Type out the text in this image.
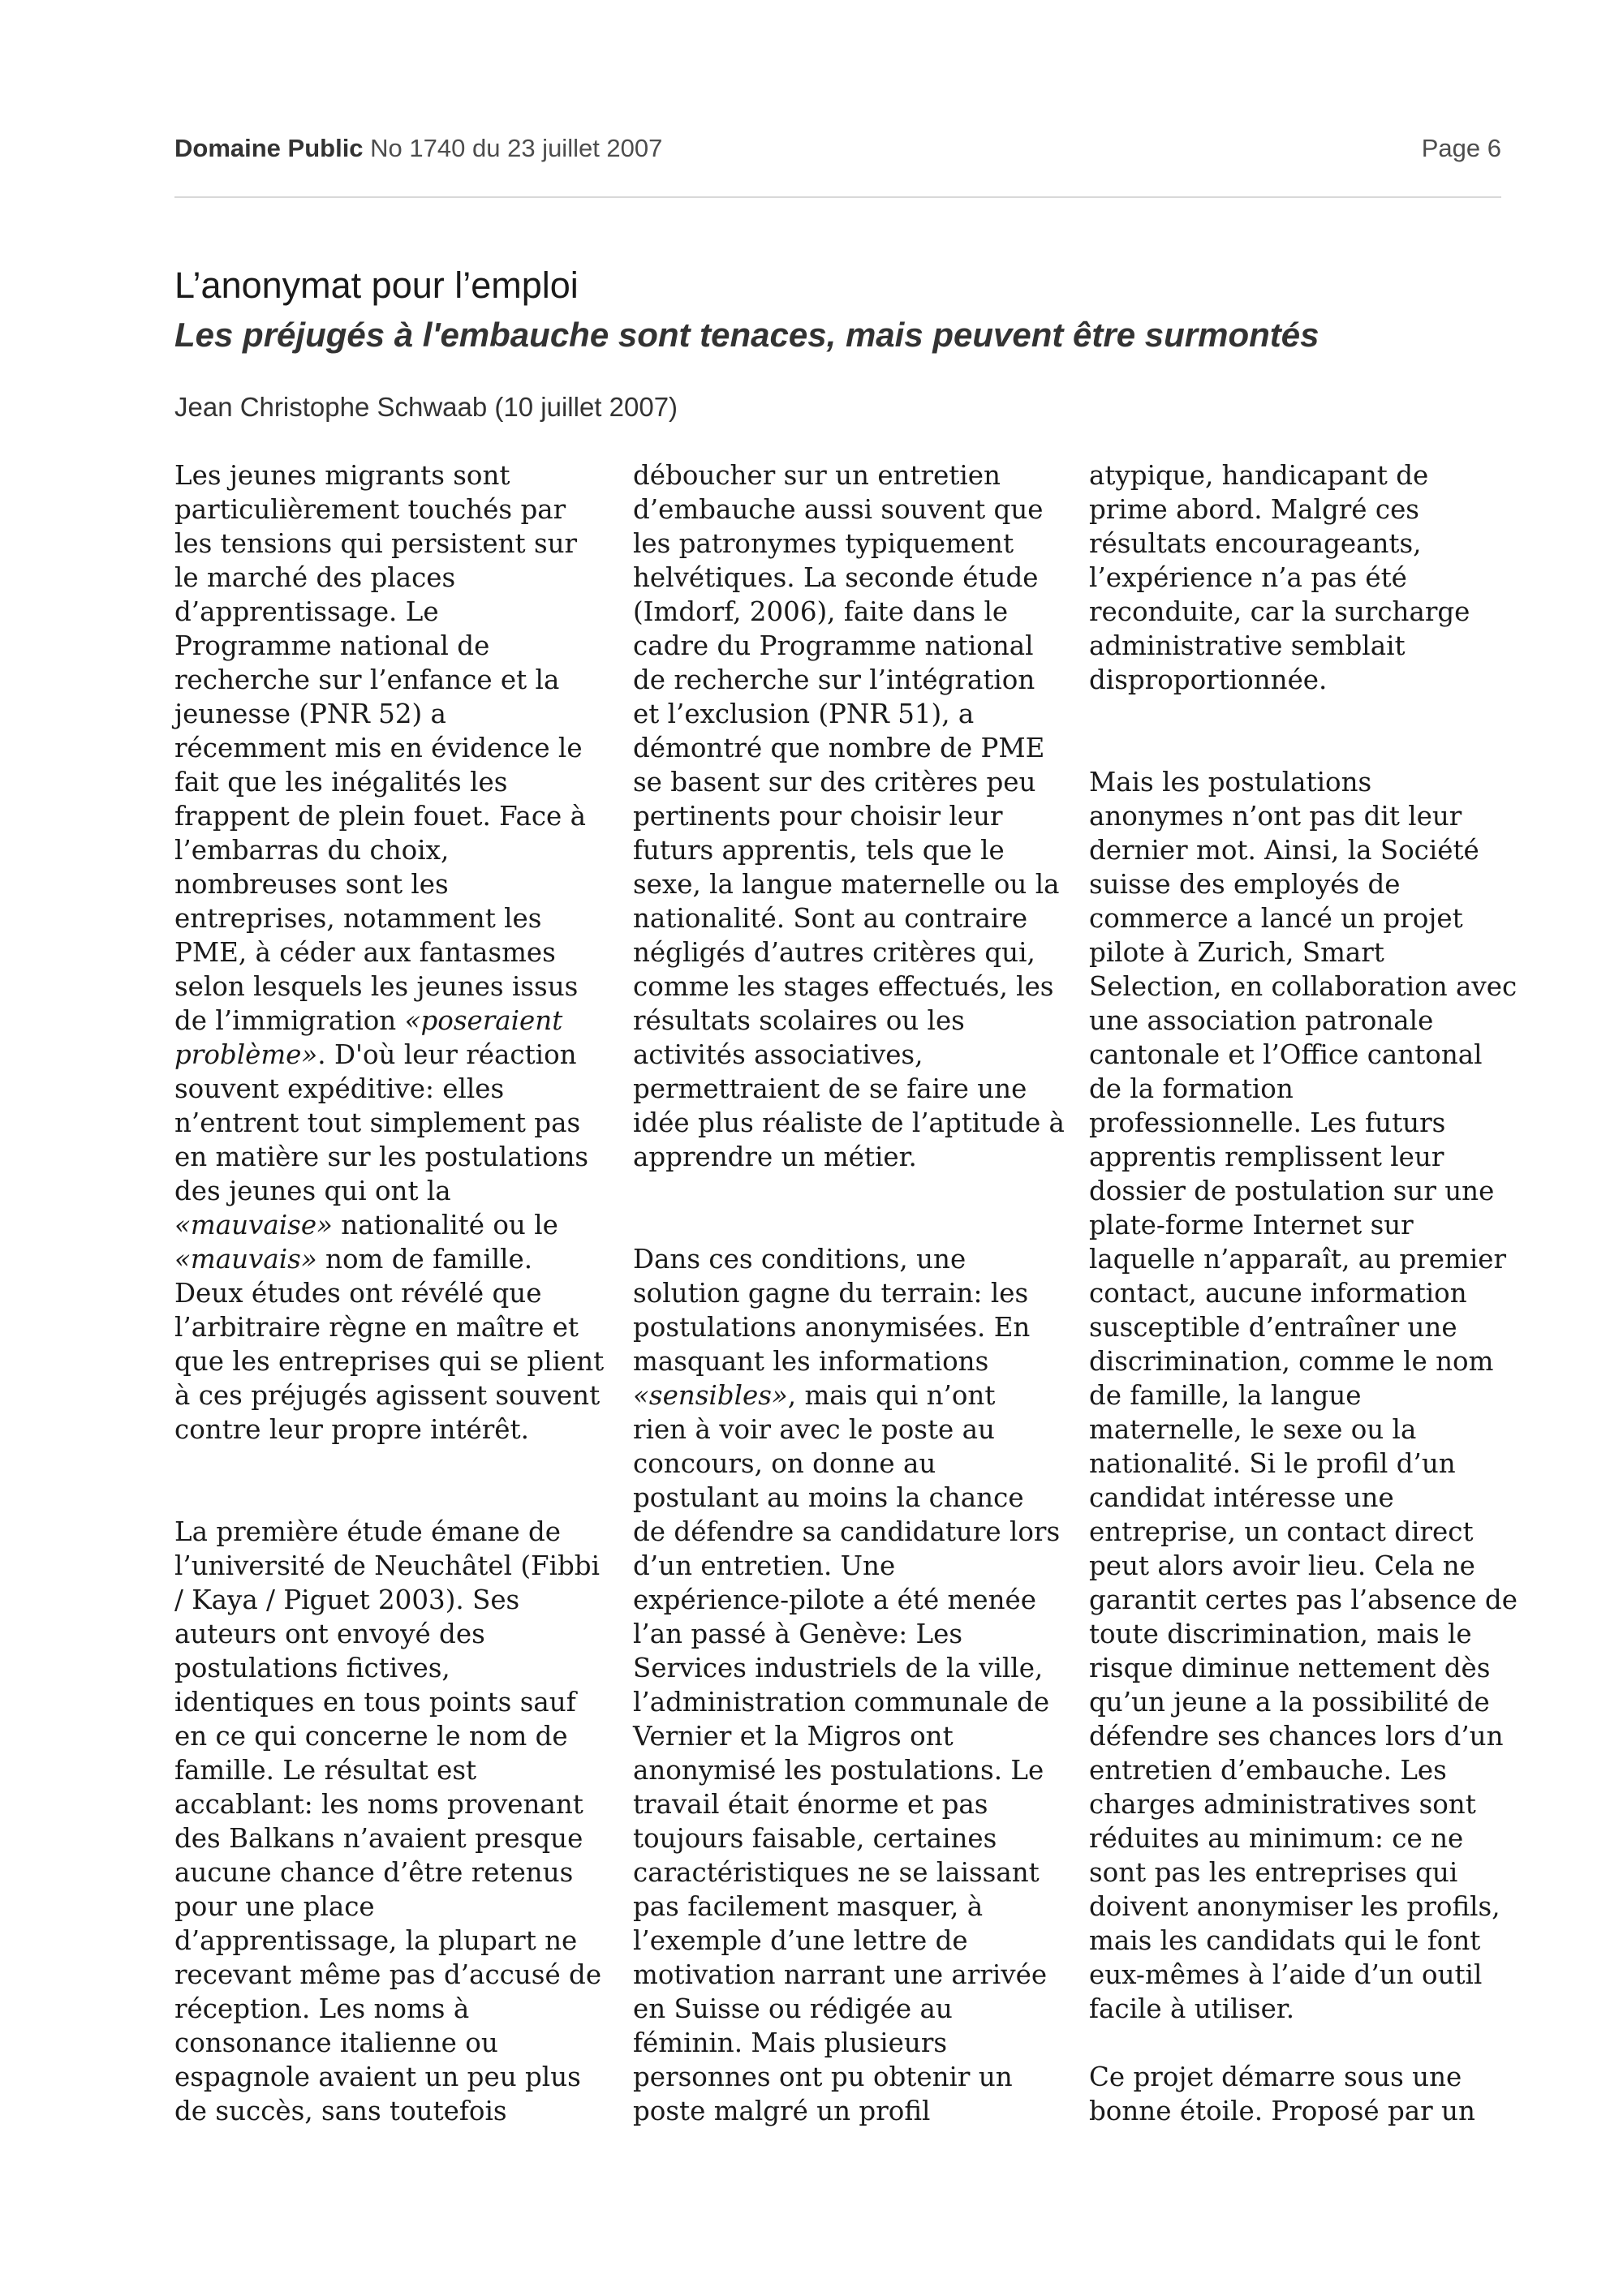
Domaine Public No 1740 du 23 juillet 2007	Page 6
L’anonymat pour l’emploi
Les préjugés à l'embauche sont tenaces, mais peuvent être surmontés
Jean Christophe Schwaab (10 juillet 2007)
Les jeunes migrants sont
particulièrement touchés par
les tensions qui persistent sur
le marché des places
d’apprentissage. Le
Programme national de
recherche sur l’enfance et la
jeunesse (PNR 52) a
récemment mis en évidence le
fait que les inégalités les
frappent de plein fouet. Face à
l’embarras du choix,
nombreuses sont les
entreprises, notamment les
PME, à céder aux fantasmes
selon lesquels les jeunes issus
de l’immigration «poseraient
problème». D'où leur réaction
souvent expéditive: elles
n’entrent tout simplement pas
en matière sur les postulations
des jeunes qui ont la
«mauvaise» nationalité ou le
«mauvais» nom de famille.
Deux études ont révélé que
l’arbitraire règne en maître et
que les entreprises qui se plient
à ces préjugés agissent souvent
contre leur propre intérêt.

La première étude émane de
l’université de Neuchâtel (Fibbi
/ Kaya / Piguet 2003). Ses
auteurs ont envoyé des
postulations fictives,
identiques en tous points sauf
en ce qui concerne le nom de
famille. Le résultat est
accablant: les noms provenant
des Balkans n’avaient presque
aucune chance d’être retenus
pour une place
d’apprentissage, la plupart ne
recevant même pas d’accusé de
réception. Les noms à
consonance italienne ou
espagnole avaient un peu plus
de succès, sans toutefois
déboucher sur un entretien
d’embauche aussi souvent que
les patronymes typiquement
helvétiques. La seconde étude
(Imdorf, 2006), faite dans le
cadre du Programme national
de recherche sur l’intégration
et l’exclusion (PNR 51), a
démontré que nombre de PME
se basent sur des critères peu
pertinents pour choisir leur
futurs apprentis, tels que le
sexe, la langue maternelle ou la
nationalité. Sont au contraire
négligés d’autres critères qui,
comme les stages effectués, les
résultats scolaires ou les
activités associatives,
permettraient de se faire une
idée plus réaliste de l’aptitude à
apprendre un métier.

Dans ces conditions, une
solution gagne du terrain: les
postulations anonymisées. En
masquant les informations
«sensibles», mais qui n’ont
rien à voir avec le poste au
concours, on donne au
postulant au moins la chance
de défendre sa candidature lors
d’un entretien. Une
expérience-pilote a été menée
l’an passé à Genève: Les
Services industriels de la ville,
l’administration communale de
Vernier et la Migros ont
anonymisé les postulations. Le
travail était énorme et pas
toujours faisable, certaines
caractéristiques ne se laissant
pas facilement masquer, à
l’exemple d’une lettre de
motivation narrant une arrivée
en Suisse ou rédigée au
féminin. Mais plusieurs
personnes ont pu obtenir un
poste malgré un profil
atypique, handicapant de
prime abord. Malgré ces
résultats encourageants,
l’expérience n’a pas été
reconduite, car la surcharge
administrative semblait
disproportionnée.

Mais les postulations
anonymes n’ont pas dit leur
dernier mot. Ainsi, la Société
suisse des employés de
commerce a lancé un projet
pilote à Zurich, Smart
Selection, en collaboration avec
une association patronale
cantonale et l’Office cantonal
de la formation
professionnelle. Les futurs
apprentis remplissent leur
dossier de postulation sur une
plate-forme Internet sur
laquelle n’apparaît, au premier
contact, aucune information
susceptible d’entraîner une
discrimination, comme le nom
de famille, la langue
maternelle, le sexe ou la
nationalité. Si le profil d’un
candidat intéresse une
entreprise, un contact direct
peut alors avoir lieu. Cela ne
garantit certes pas l’absence de
toute discrimination, mais le
risque diminue nettement dès
qu’un jeune a la possibilité de
défendre ses chances lors d’un
entretien d’embauche. Les
charges administratives sont
réduites au minimum: ce ne
sont pas les entreprises qui
doivent anonymiser les profils,
mais les candidats qui le font
eux-mêmes à l’aide d’un outil
facile à utiliser.

Ce projet démarre sous une
bonne étoile. Proposé par un
